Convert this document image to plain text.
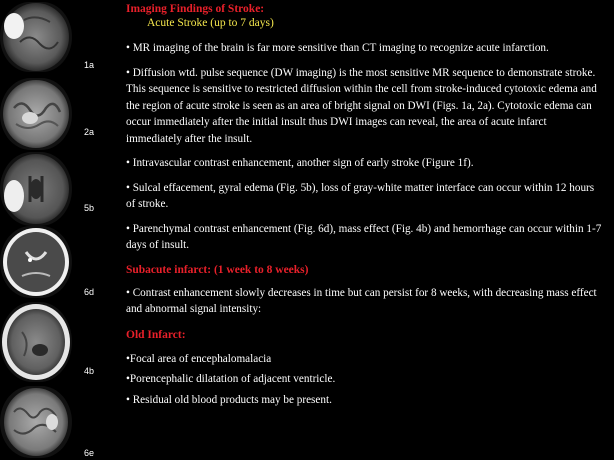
1a
2a
5b
6d
4b
6e

Imaging Findings of Stroke:

Acute Stroke (up to 7 days)

• MR imaging of the brain is far more sensitive than CT imaging to recognize acute infarction.

• Diffusion wtd. pulse sequence (DW imaging) is the most sensitive MR sequence to demonstrate stroke. This sequence is sensitive to restricted diffusion within the cell from stroke-induced cytotoxic edema and the region of acute stroke is seen as an area of bright signal on DWI (Figs. 1a, 2a). Cytotoxic edema can occur immediately after the initial insult thus DWI images can reveal, the area of acute infarct immediately after the insult.

• Intravascular contrast enhancement, another sign of early stroke (Figure 1f).

• Sulcal effacement, gyral edema (Fig. 5b), loss of gray-white matter interface can occur within 12 hours of stroke.

• Parenchymal contrast enhancement (Fig. 6d), mass effect (Fig. 4b) and hemorrhage can occur within 1-7 days of insult.

Subacute infarct: (1 week to 8 weeks)

• Contrast enhancement slowly decreases in time but can persist for 8 weeks, with decreasing mass effect and abnormal signal intensity:

Old Infarct:

•Focal area of encephalomalacia

•Porencephalic dilatation of adjacent ventricle.

• Residual old blood products may be present.
